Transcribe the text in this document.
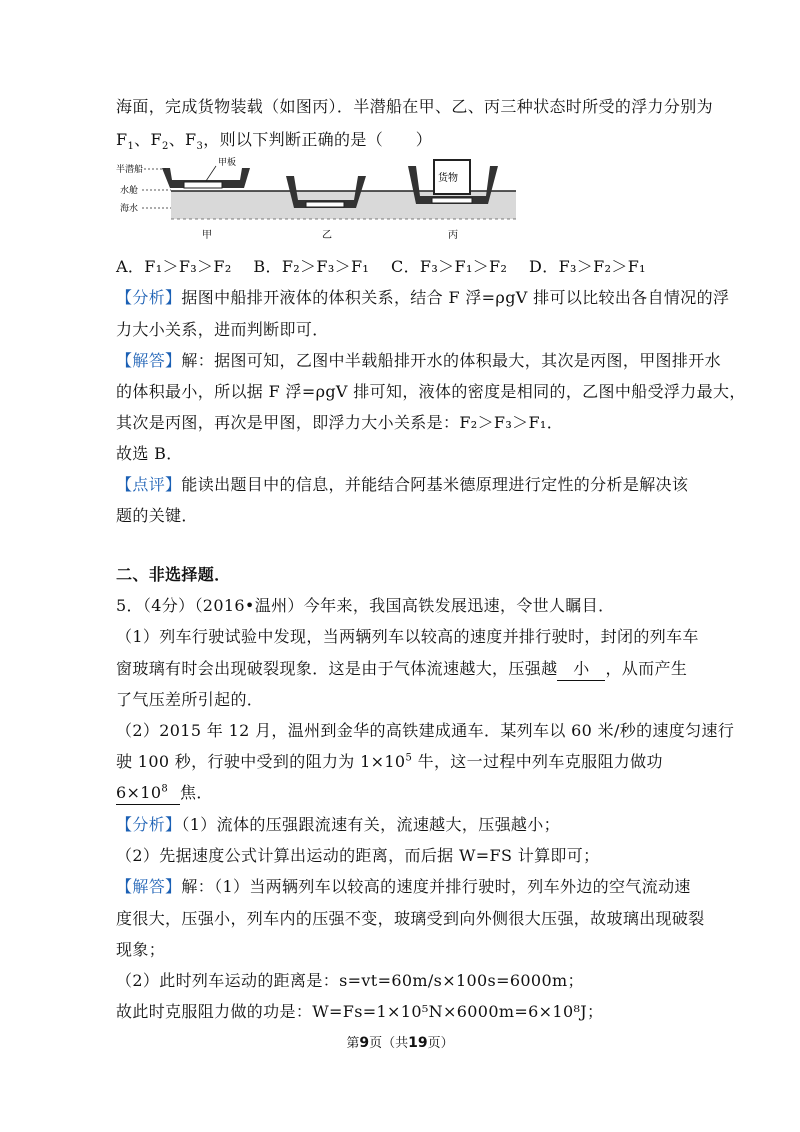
海面，完成货物装载（如图丙）．半潜船在甲、乙、丙三种状态时所受的浮力分别为
$F_1$、$F_2$、$F_3$，则以下判断正确的是（　　）
半潜船
甲板
水舱
海水
货物
甲	乙	丙
A．F₁＞F₃＞F₂　 B．F₂＞F₃＞F₁　 C．F₃＞F₁＞F₂　 D．F₃＞F₂＞F₁
【分析】据图中船排开液体的体积关系，结合 F 浮=ρgV 排可以比较出各自情况的浮
力大小关系，进而判断即可．
【解答】解：据图可知，乙图中半载船排开水的体积最大，其次是丙图，甲图排开水
的体积最小，所以据 F 浮=ρgV 排可知，液体的密度是相同的，乙图中船受浮力最大，
其次是丙图，再次是甲图，即浮力大小关系是：F₂＞F₃＞F₁．
故选 B．
【点评】能读出题目中的信息，并能结合阿基米德原理进行定性的分析是解决该
题的关键．
二、非选择题．
5．（4分）（2016•温州）今年来，我国高铁发展迅速，令世人瞩目．
（1）列车行驶试验中发现，当两辆列车以较高的速度并排行驶时，封闭的列车车
窗玻璃有时会出现破裂现象．这是由于气体流速越大，压强越 小 ，从而产生
了气压差所引起的．
（2）2015 年 12 月，温州到金华的高铁建成通车．某列车以 60 米/秒的速度匀速行
驶 100 秒，行驶中受到的阻力为 $1\times 10^5$ 牛，这一过程中列车克服阻力做功
$6\times 10^8$ 焦．
【分析】（1）流体的压强跟流速有关，流速越大，压强越小；
（2）先据速度公式计算出运动的距离，而后据 W=FS 计算即可；
【解答】解：（1）当两辆列车以较高的速度并排行驶时，列车外边的空气流动速
度很大，压强小，列车内的压强不变，玻璃受到向外侧很大压强，故玻璃出现破裂
现象；
（2）此时列车运动的距离是：s=vt=60m/s×100s=6000m；
故此时克服阻力做的功是：W=Fs=1×10⁵N×6000m=6×10⁸J；
第9页（共19页）
